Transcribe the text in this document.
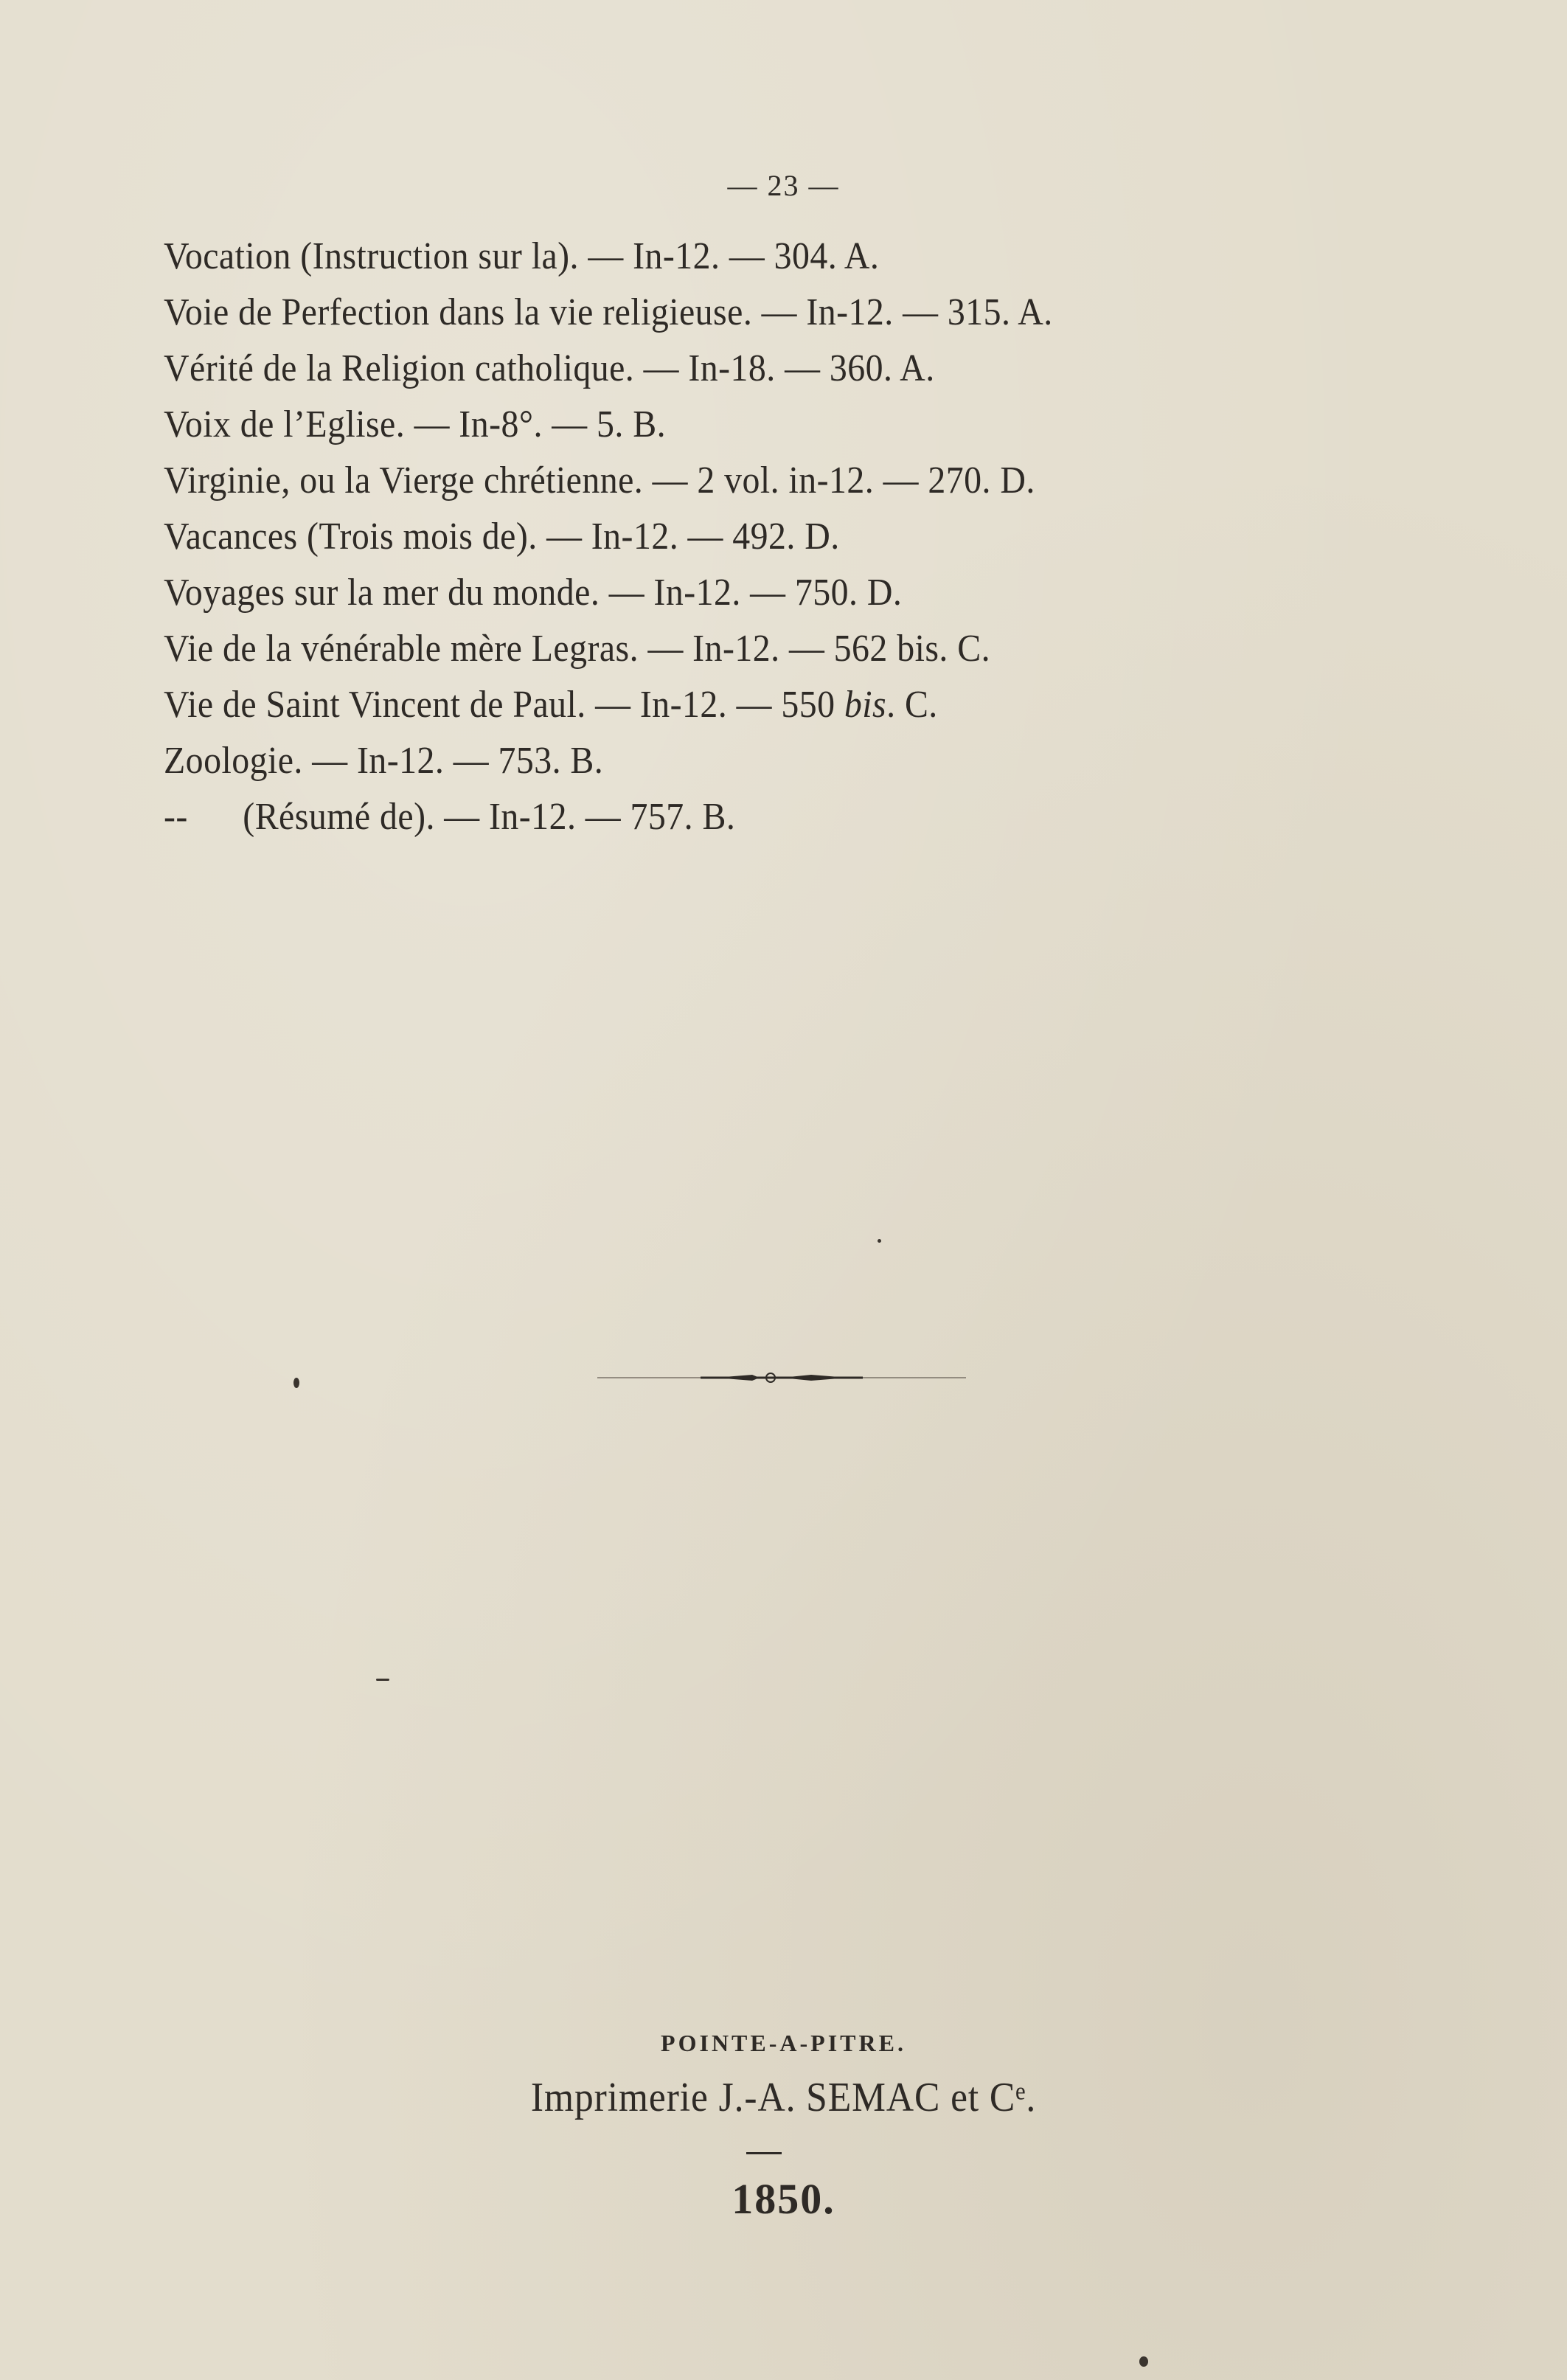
— 23 —
Vocation (Instruction sur la). — In-12. — 304. A.
Voie de Perfection dans la vie religieuse. — In-12. — 315. A.
Vérité de la Religion catholique. — In-18. — 360. A.
Voix de l’Eglise. — In-8°. — 5. B.
Virginie, ou la Vierge chrétienne. — 2 vol. in-12. — 270. D.
Vacances (Trois mois de). — In-12. — 492. D.
Voyages sur la mer du monde. — In-12. — 750. D.
Vie de la vénérable mère Legras. — In-12. — 562 bis. C.
Vie de Saint Vincent de Paul. — In-12. — 550 bis. C.
Zoologie. — In-12. — 753. B.
--      (Résumé de). — In-12. — 757. B.
POINTE-A-PITRE.
Imprimerie J.-A. SEMAC et Cᵉ.
1850.
